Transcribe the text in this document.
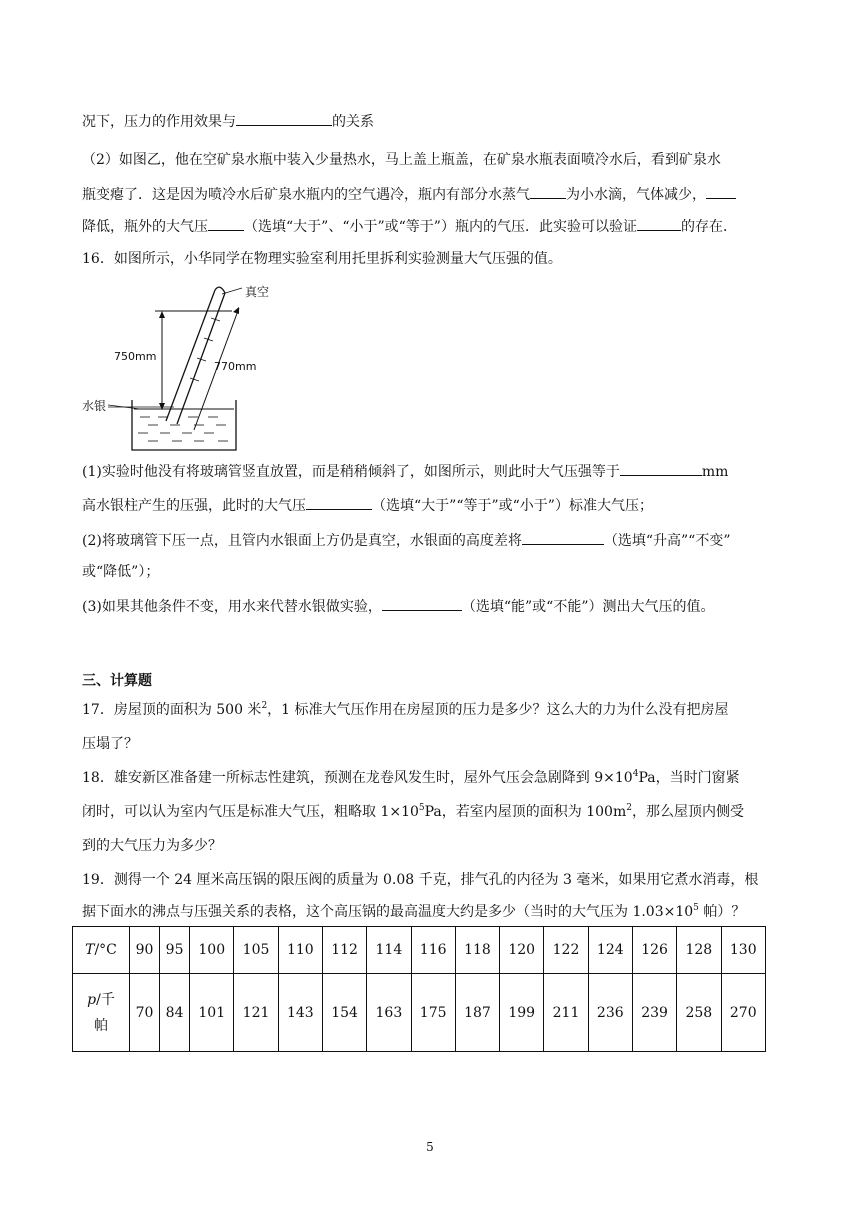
况下，压力的作用效果与	的关系
（2）如图乙，他在空矿泉水瓶中装入少量热水，马上盖上瓶盖，在矿泉水瓶表面喷冷水后，看到矿泉水
瓶变瘪了．这是因为喷冷水后矿泉水瓶内的空气遇冷，瓶内有部分水蒸气	为小水滴，气体减少，
降低，瓶外的大气压	（选填“大于”、“小于”或“等于”）瓶内的气压．此实验可以验证	的存在．
16．如图所示，小华同学在物理实验室利用托里拆利实验测量大气压强的值。
750mm
真空
770mm
水银
(1)实验时他没有将玻璃管竖直放置，而是稍稍倾斜了，如图所示，则此时大气压强等于	mm
高水银柱产生的压强，此时的大气压	（选填“大于”“等于”或“小于”）标准大气压；
(2)将玻璃管下压一点，且管内水银面上方仍是真空，水银面的高度差将	（选填“升高”“不变”
或“降低”）；
(3)如果其他条件不变，用水来代替水银做实验，	（选填“能”或“不能”）测出大气压的值。
三、计算题
17．房屋顶的面积为 500 米$^2$，1 标准大气压作用在房屋顶的压力是多少？这么大的力为什么没有把房屋
压塌了？
18．雄安新区准备建一所标志性建筑，预测在龙卷风发生时，屋外气压会急剧降到 $9\times 10^4Pa$，当时门窗紧
闭时，可以认为室内气压是标准大气压，粗略取 $1\times 10^5Pa$，若室内屋顶的面积为 $100m^2$，那么屋顶内侧受
到的大气压力为多少？
19．测得一个 24 厘米高压锅的限压阀的质量为 0.08 千克，排气孔的内径为 3 毫米，如果用它煮水消毒，根
据下面水的沸点与压强关系的表格，这个高压锅的最高温度大约是多少（当时的大气压为 $1.03\times 10^5$ 帕）？
T/°C	90	95	100	105	110	112	114	116	118	120	122	124	126	128	130
p/千
帕	70	84	101	121	143	154	163	175	187	199	211	236	239	258	270
5
